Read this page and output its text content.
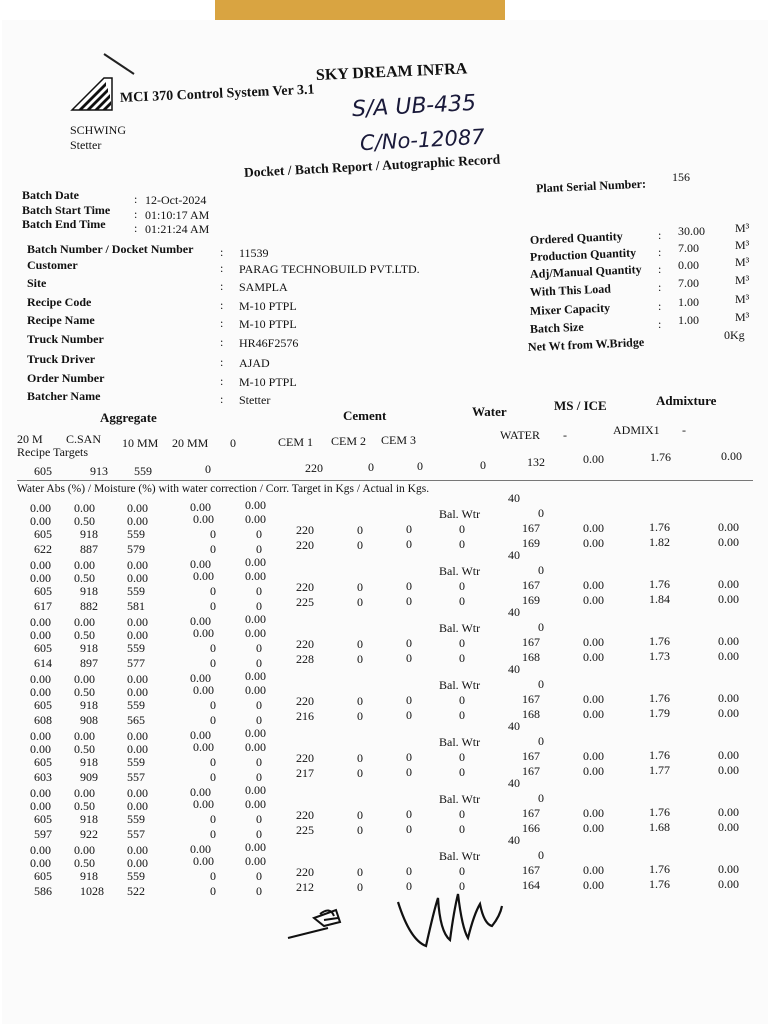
SKY DREAM INFRA
MCI 370 Control System Ver 3.1 S/A UB-435
C/No-12087
SCHWING
Stetter
Docket / Batch Report / Autographic Record
Plant Serial Number: 156
Batch Date	: 12-Oct-2024
Batch Start Time : 01:10:17 AM
Batch End Time : 01:21:24 AM
Batch Number / Docket Number : 11539
Customer	: PARAG TECHNOBUILD PVT.LTD.
Site	: SAMPLA
Recipe Code	: M-10 PTPL
Recipe Name	: M-10 PTPL
Truck Number	: HR46F2576
Truck Driver	: AJAD
Order Number	: M-10 PTPL
Batcher Name	: Stetter
Ordered Quantity	: 30.00	M³
Production Quantity : 7.00	M³
Adj/Manual Quantity : 0.00	M³
With This Load	: 7.00	M³
Mixer Capacity	: 1.00	M³
Batch Size	: 1.00	M³
Net Wt from W.Bridge	0Kg
Aggregate	Cement	Water	MS / ICE	Admixture
20 M C.SAN 10 MM 20 MM 0	CEM 1 CEM 2 CEM 3	WATER -	ADMIX1 -
Recipe Targets
605	913 559	0	220	0	0	0	132	0.00	1.76	0.00
Water Abs (%) / Moisture (%) with water correction / Corr. Target in Kgs / Actual in Kgs.
40
Bal. Wtr	0
0.00 0.00	0.00	0.00	0.00
0.00 0.50	0.00	0.00	0.00
605 918 559	0	0	220	0	0	0	167	0.00	1.76	0.00
622 887 579	0	0	220	0	0	0	169	0.00	1.82	0.00
40
Bal. Wtr	0
0.00 0.00	0.00	0.00	0.00
0.00 0.50	0.00	0.00	0.00
605 918 559	0	0	220	0	0	0	167	0.00	1.76	0.00
617 882 581	0	0	225	0	0	0	169	0.00	1.84	0.00
40
Bal. Wtr	0
0.00 0.00	0.00	0.00	0.00
0.00 0.50	0.00	0.00	0.00
605 918 559	0	0	220	0	0	0	167	0.00	1.76	0.00
614 897 577	0	0	228	0	0	0	168	0.00	1.73	0.00
40
Bal. Wtr	0
0.00 0.00	0.00	0.00	0.00
0.00 0.50	0.00	0.00	0.00
605 918 559	0	0	220	0	0	0	167	0.00	1.76	0.00
608 908 565	0	0	216	0	0	0	168	0.00	1.79	0.00
40
Bal. Wtr	0
0.00 0.00	0.00	0.00	0.00
0.00 0.50	0.00	0.00	0.00
605 918 559	0	0	220	0	0	0	167	0.00	1.76	0.00
603 909 557	0	0	217	0	0	0	167	0.00	1.77	0.00
40
Bal. Wtr	0
0.00 0.00	0.00	0.00	0.00
0.00 0.50	0.00	0.00	0.00
605 918 559	0	0	220	0	0	0	167	0.00	1.76	0.00
597 922 557	0	0	225	0	0	0	166	0.00	1.68	0.00
40
Bal. Wtr	0
0.00 0.00	0.00	0.00	0.00
0.00 0.50	0.00	0.00	0.00
605 918 559	0	0	220	0	0	0	167	0.00	1.76	0.00
586 1028 522	0	0	212	0	0	0	164	0.00	1.76	0.00
